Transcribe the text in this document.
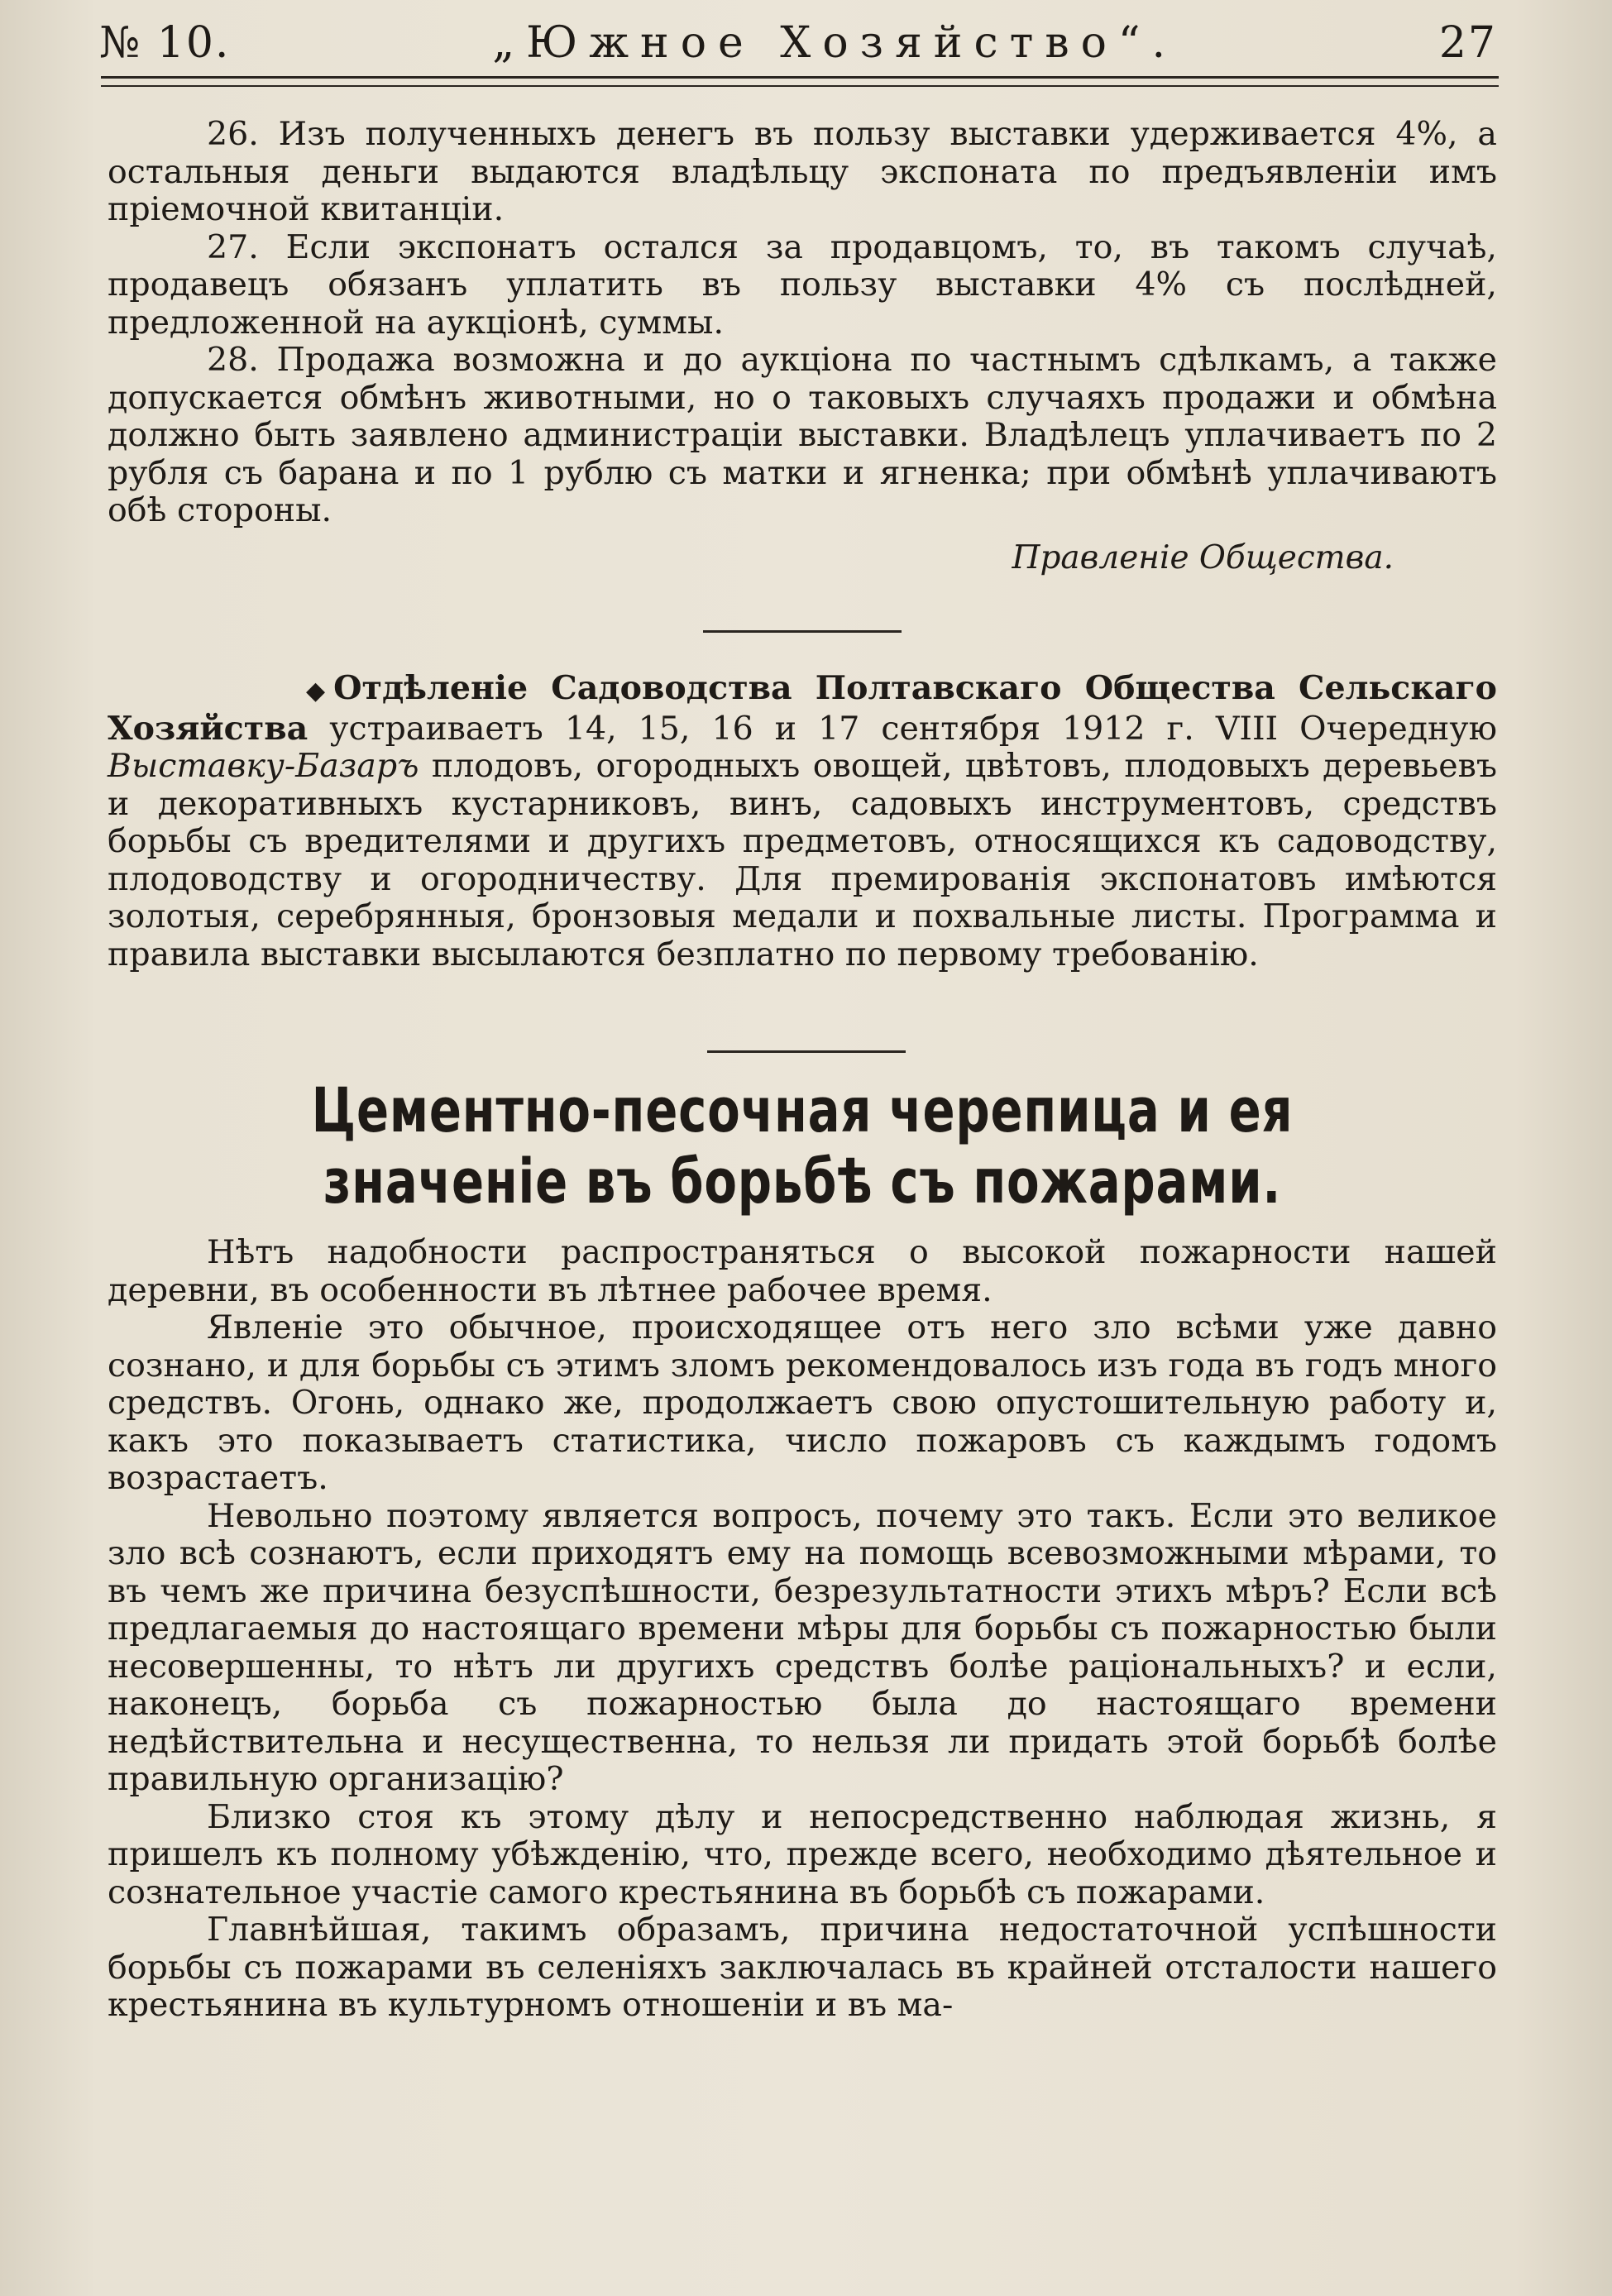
№ 10.	„Южное Хозяйство“.	27

26. Изъ полученныхъ денегъ въ пользу выставки удерживается 4%, а остальныя деньги выдаются владѣльцу экспоната по предъявленіи имъ пріемочной квитанціи.

27. Если экспонатъ остался за продавцомъ, то, въ такомъ случаѣ, продавецъ обязанъ уплатить въ пользу выставки 4% съ послѣдней, предложенной на аукціонѣ, суммы.

28. Продажа возможна и до аукціона по частнымъ сдѣлкамъ, а также допускается обмѣнъ животными, но о таковыхъ случаяхъ продажи и обмѣна должно быть заявлено администраціи выставки. Владѣлецъ уплачиваетъ по 2 рубля съ барана и по 1 рублю съ матки и ягненка; при обмѣнѣ уплачиваютъ обѣ стороны.

Правленіе Общества.

◆ Отдѣленіе Садоводства Полтавскаго Общества Сельскаго Хозяйства устраиваетъ 14, 15, 16 и 17 сентября 1912 г. VIII Очередную Выставку-Базаръ плодовъ, огородныхъ овощей, цвѣтовъ, плодовыхъ деревьевъ и декоративныхъ кустарниковъ, винъ, садовыхъ инструментовъ, средствъ борьбы съ вредителями и другихъ предметовъ, относящихся къ садоводству, плодоводству и огородничеству. Для премированія экспонатовъ имѣются золотыя, серебрянныя, бронзовыя медали и похвальные листы. Программа и правила выставки высылаются безплатно по первому требованію.

Цементно-песочная черепица и ея значеніе въ борьбѣ съ пожарами.

Нѣтъ надобности распространяться о высокой пожарности нашей деревни, въ особенности въ лѣтнее рабочее время.

Явленіе это обычное, происходящее отъ него зло всѣми уже давно сознано, и для борьбы съ этимъ зломъ рекомендовалось изъ года въ годъ много средствъ. Огонь, однако же, продолжаетъ свою опустошительную работу и, какъ это показываетъ статистика, число пожаровъ съ каждымъ годомъ возрастаетъ.

Невольно поэтому является вопросъ, почему это такъ. Если это великое зло всѣ сознаютъ, если приходятъ ему на помощь всевозможными мѣрами, то въ чемъ же причина безуспѣшности, безрезультатности этихъ мѣръ? Если всѣ предлагаемыя до настоящаго времени мѣры для борьбы съ пожарностью были несовершенны, то нѣтъ ли другихъ средствъ болѣе раціональныхъ? и если, наконецъ, борьба съ пожарностью была до настоящаго времени недѣйствительна и несущественна, то нельзя ли придать этой борьбѣ болѣе правильную организацію?

Близко стоя къ этому дѣлу и непосредственно наблюдая жизнь, я пришелъ къ полному убѣжденію, что, прежде всего, необходимо дѣятельное и сознательное участіе самого крестьянина въ борьбѣ съ пожарами.

Главнѣйшая, такимъ образамъ, причина недостаточной успѣшности борьбы съ пожарами въ селеніяхъ заключалась въ крайней отсталости нашего крестьянина въ культурномъ отношеніи и въ ма-
